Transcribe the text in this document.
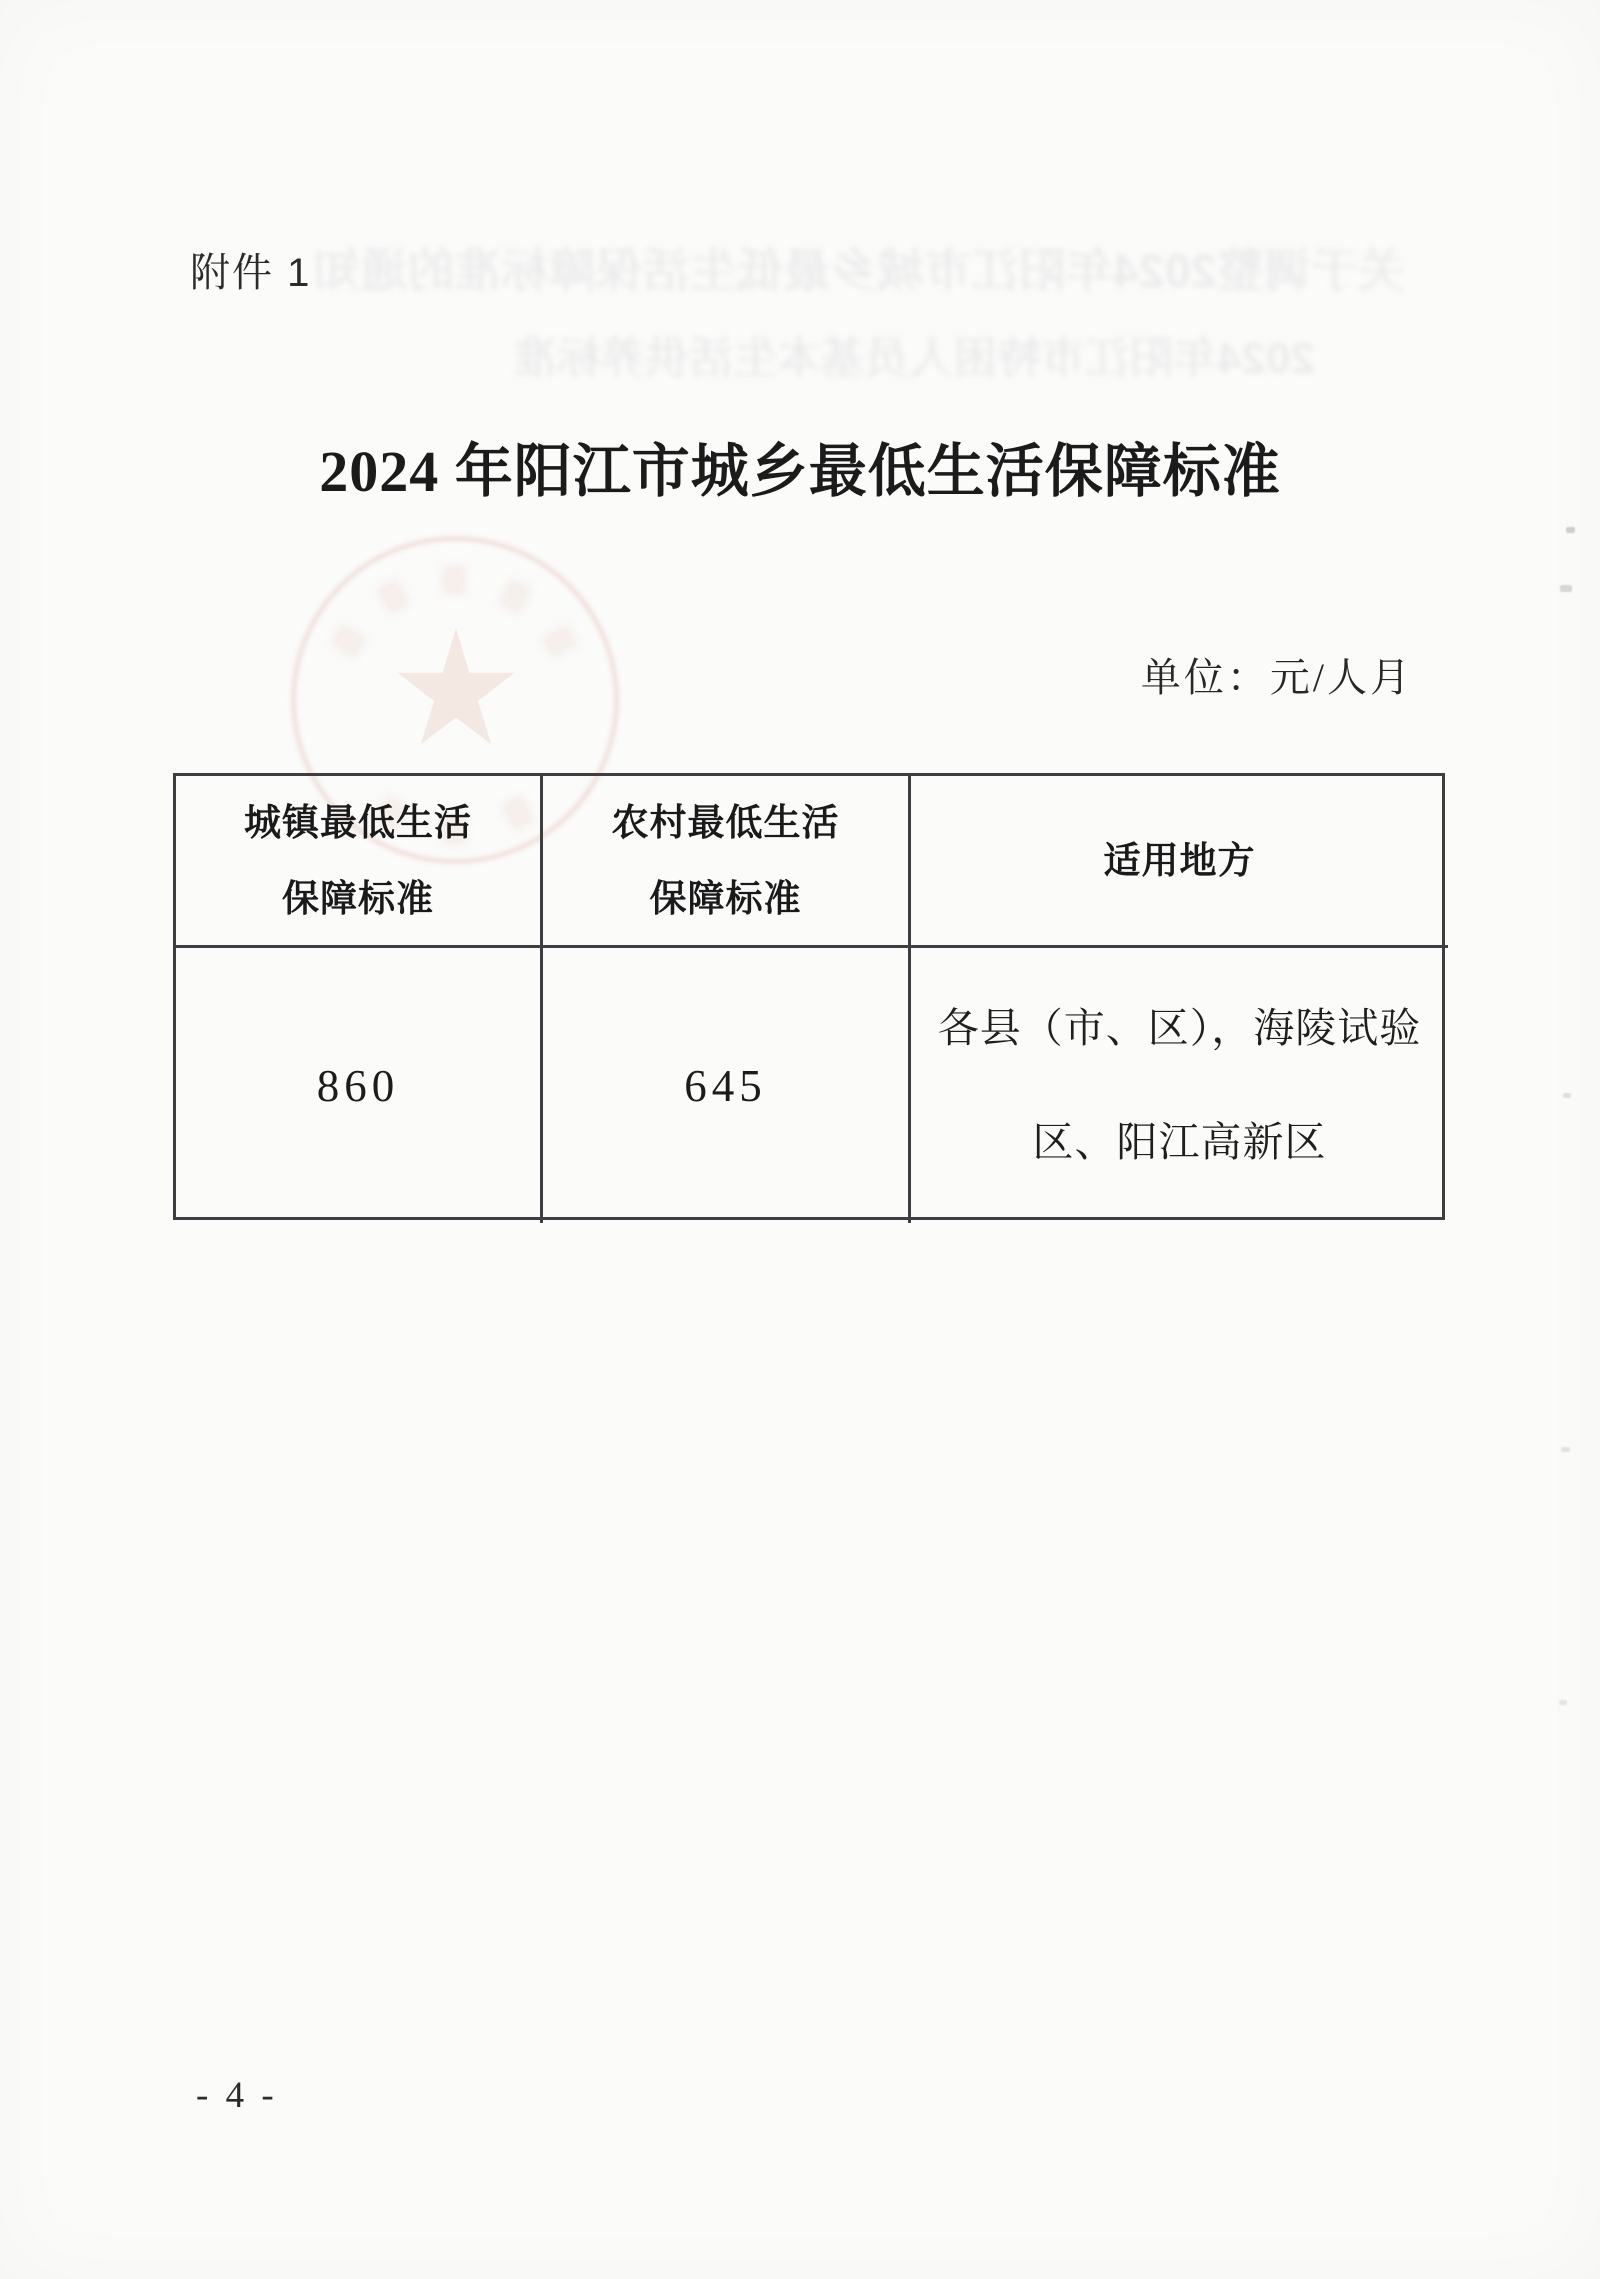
关于调整2024年阳江市城乡最低生活保障标准的通知
2024年阳江市特困人员基本生活供养标准
附件 1
2024 年阳江市城乡最低生活保障标准
单位：元/人月
城镇最低生活
保障标准
农村最低生活
保障标准
适用地方
860	645
各县（市、区），海陵试验
区、阳江高新区
- 4 -
